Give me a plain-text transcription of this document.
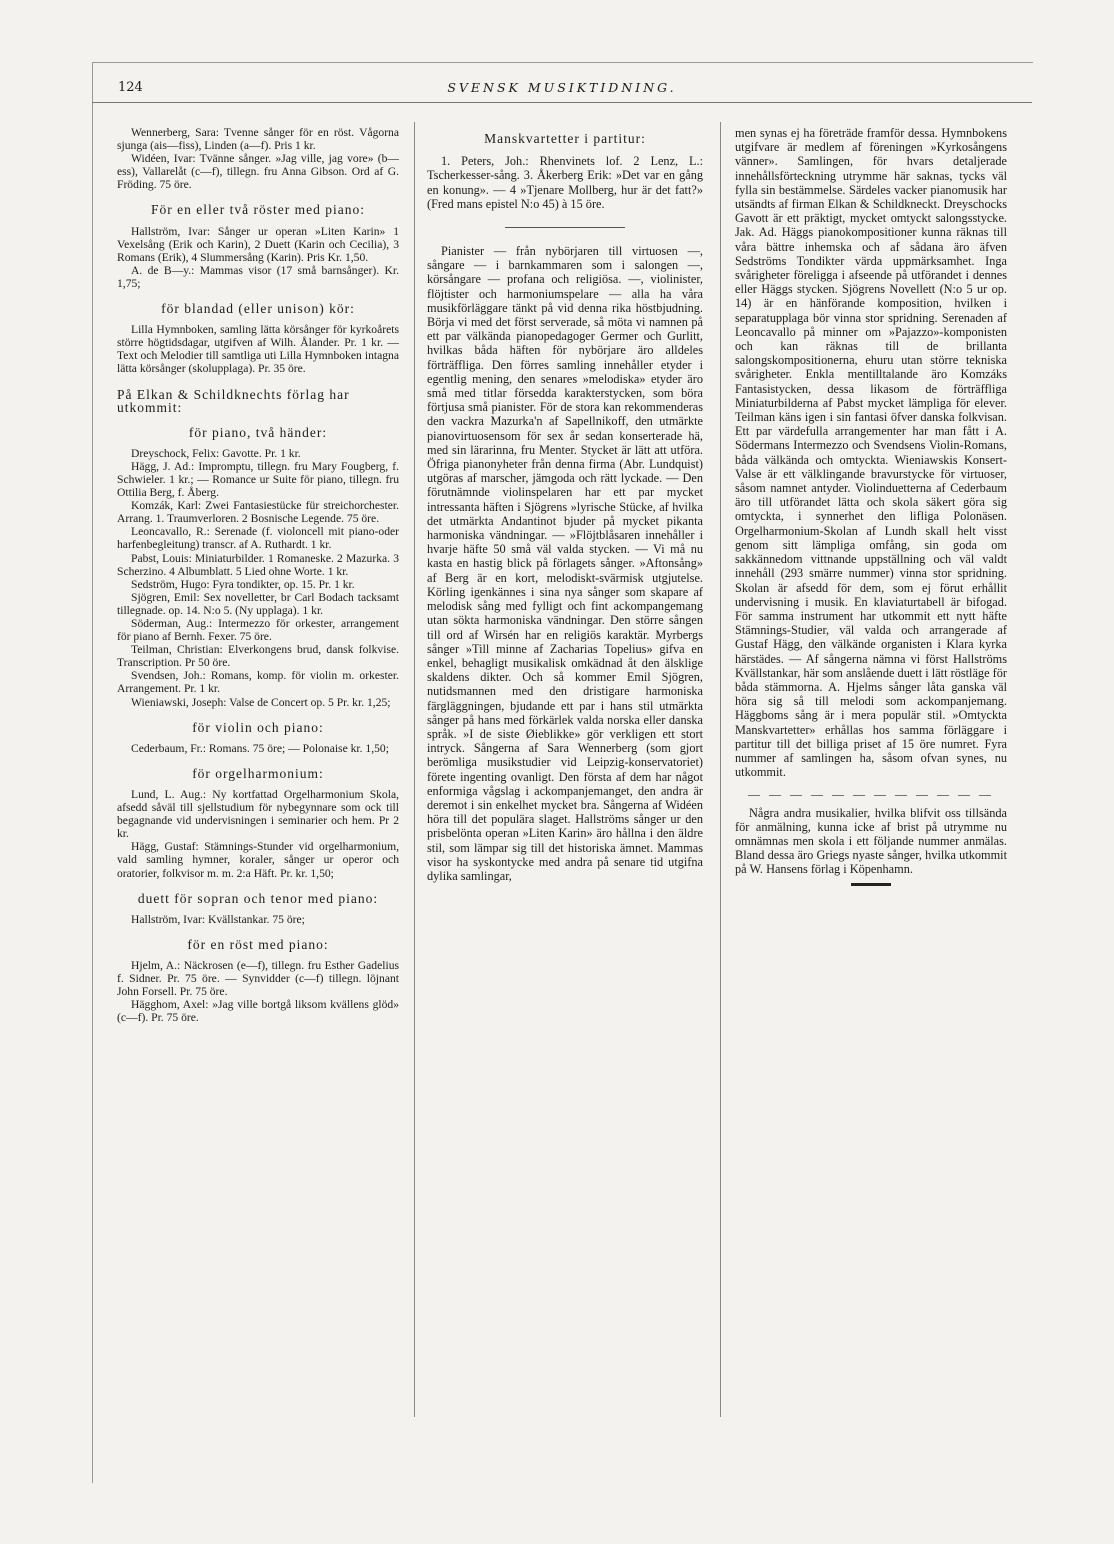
124	SVENSK MUSIKTIDNING.

Wennerberg, Sara: Tvenne sånger för en röst. Vågorna sjunga (ais—fiss), Linden (a—f). Pris 1 kr.

Widéen, Ivar: Tvänne sånger. »Jag ville, jag vore» (b—ess), Vallarelåt (c—f), tillegn. fru Anna Gibson. Ord af G. Fröding. 75 öre.

För en eller två röster med piano:

Hallström, Ivar: Sånger ur operan »Liten Karin» 1 Vexelsång (Erik och Karin), 2 Duett (Karin och Cecilia), 3 Romans (Erik), 4 Slummersång (Karin). Pris Kr. 1,50.

A. de B—y.: Mammas visor (17 små barnsånger). Kr. 1,75;

för blandad (eller unison) kör:

Lilla Hymnboken, samling lätta körsånger för kyrkoårets större högtidsdagar, utgifven af Wilh. Ålander. Pr. 1 kr. — Text och Melodier till samtliga uti Lilla Hymnboken intagna lätta körsånger (skolupplaga). Pr. 35 öre.

På Elkan & Schildknechts förlag har utkommit:
för piano, två händer:

Dreyschock, Felix: Gavotte. Pr. 1 kr.

Hägg, J. Ad.: Impromptu, tillegn. fru Mary Fougberg, f. Schwieler. 1 kr.; — Romance ur Suite för piano, tillegn. fru Ottilia Berg, f. Åberg.

Komzák, Karl: Zwei Fantasiestücke für streichorchester. Arrang. 1. Traumverloren. 2 Bosnische Legende. 75 öre.

Leoncavallo, R.: Serenade (f. violoncell mit piano-oder harfenbegleitung) transcr. af A. Ruthardt. 1 kr.

Pabst, Louis: Miniaturbilder. 1 Romaneske. 2 Mazurka. 3 Scherzino. 4 Albumblatt. 5 Lied ohne Worte. 1 kr.

Sedström, Hugo: Fyra tondikter, op. 15. Pr. 1 kr.

Sjögren, Emil: Sex novelletter, br Carl Bodach tacksamt tillegnade. op. 14. N:o 5. (Ny upplaga). 1 kr.

Söderman, Aug.: Intermezzo för orkester, arrangement för piano af Bernh. Fexer. 75 öre.

Teilman, Christian: Elverkongens brud, dansk folkvise. Transcription. Pr 50 öre.

Svendsen, Joh.: Romans, komp. för violin m. orkester. Arrangement. Pr. 1 kr.

Wieniawski, Joseph: Valse de Concert op. 5 Pr. kr. 1,25;

för violin och piano:

Cederbaum, Fr.: Romans. 75 öre; — Polonaise kr. 1,50;

för orgelharmonium:

Lund, L. Aug.: Ny kortfattad Orgelharmonium Skola, afsedd såväl till sjellstudium för nybegynnare som ock till begagnande vid undervisningen i seminarier och hem. Pr 2 kr.

Hägg, Gustaf: Stämnings-Stunder vid orgelharmonium, vald samling hymner, koraler, sånger ur operor och oratorier, folkvisor m. m. 2:a Häft. Pr. kr. 1,50;

duett för sopran och tenor med piano:

Hallström, Ivar: Kvällstankar. 75 öre;

för en röst med piano:

Hjelm, A.: Näckrosen (e—f), tillegn. fru Esther Gadelius f. Sidner. Pr. 75 öre. — Synvidder (c—f) tillegn. löjnant John Forsell. Pr. 75 öre.

Hägghom, Axel: »Jag ville bortgå liksom kvällens glöd» (c—f). Pr. 75 öre.

Manskvartetter i partitur:

1. Peters, Joh.: Rhenvinets lof. 2 Lenz, L.: Tscherkesser-sång. 3. Åkerberg Erik: »Det var en gång en konung». — 4 »Tjenare Mollberg, hur är det fatt?» (Fred mans epistel N:o 45) à 15 öre.

Pianister — från nybörjaren till virtuosen —, sångare — i barnkammaren som i salongen —, körsångare — profana och religiösa. —, violinister, flöjtister och harmoniumspelare — alla ha våra musikförläggare tänkt på vid denna rika höstbjudning. Börja vi med det först serverade, så möta vi namnen på ett par välkända pianopedagoger Germer och Gurlitt, hvilkas båda häften för nybörjare äro alldeles förträffliga. Den förres samling innehåller etyder i egentlig mening, den senares »melodiska» etyder äro små med titlar försedda karakterstycken, som böra förtjusa små pianister. För de stora kan rekommenderas den vackra Mazurka'n af Sapellnikoff, den utmärkte pianovirtuosensom för sex år sedan konserterade hä, med sin lärarinna, fru Menter. Stycket är lätt att utföra. Öfriga pianonyheter från denna firma (Abr. Lundquist) utgöras af marscher, jämgoda och rätt lyckade. — Den förutnämnde violinspelaren har ett par mycket intressanta häften i Sjögrens »lyrische Stücke, af hvilka det utmärkta Andantinot bjuder på mycket pikanta harmoniska vändningar. — »Flöjtblåsaren innehåller i hvarje häfte 50 små väl valda stycken. — Vi må nu kasta en hastig blick på förlagets sånger. »Aftonsång» af Berg är en kort, melodiskt-svärmisk utgjutelse. Körling igenkännes i sina nya sånger som skapare af melodisk sång med fylligt och fint ackompangemang utan sökta harmoniska vändningar. Den större sången till ord af Wirsén har en religiös karaktär. Myrbergs sånger »Till minne af Zacharias Topelius» gifva en enkel, behagligt musikalisk omkädnad åt den älsklige skaldens dikter. Och så kommer Emil Sjögren, nutidsmannen med den dristigare harmoniska färgläggningen, bjudande ett par i hans stil utmärkta sånger på hans med förkärlek valda norska eller danska språk. »I de siste Øieblikke» gör verkligen ett stort intryck. Sångerna af Sara Wennerberg (som gjort berömliga musikstudier vid Leipzig-konservatoriet) förete ingenting ovanligt. Den första af dem har något enformiga vågslag i ackompanjemanget, den andra är deremot i sin enkelhet mycket bra. Sångerna af Widéen höra till det populära slaget. Hallströms sånger ur den prisbelönta operan »Liten Karin» äro hållna i den äldre stil, som lämpar sig till det historiska ämnet. Mammas visor ha syskontycke med andra på senare tid utgifna dylika samlingar,

men synas ej ha företräde framför dessa. Hymnbokens utgifvare är medlem af föreningen »Kyrkosångens vänner». Samlingen, för hvars detaljerade innehållsförteckning utrymme här saknas, tycks väl fylla sin bestämmelse. Särdeles vacker pianomusik har utsändts af firman Elkan & Schildkneckt. Dreyschocks Gavott är ett präktigt, mycket omtyckt salongsstycke. Jak. Ad. Häggs pianokompositioner kunna räknas till våra bättre inhemska och af sådana äro äfven Sedströms Tondikter värda uppmärksamhet. Inga svårigheter föreligga i afseende på utförandet i dennes eller Häggs stycken. Sjögrens Novellett (N:o 5 ur op. 14) är en hänförande komposition, hvilken i separatupplaga bör vinna stor spridning. Serenaden af Leoncavallo på minner om »Pajazzo»-komponisten och kan räknas till de brillanta salongskompositionerna, ehuru utan större tekniska svårigheter. Enkla mentilltalande äro Komzáks Fantasistycken, dessa likasom de förträffliga Miniaturbilderna af Pabst mycket lämpliga för elever. Teilman käns igen i sin fantasi öfver danska folkvisan. Ett par värdefulla arrangementer har man fått i A. Södermans Intermezzo och Svendsens Violin-Romans, båda välkända och omtyckta. Wieniawskis Konsert-Valse är ett välklingande bravurstycke för virtuoser, såsom namnet antyder. Violinduetterna af Cederbaum äro till utförandet lätta och skola säkert göra sig omtyckta, i synnerhet den lifliga Polonäsen. Orgelharmonium-Skolan af Lundh skall helt visst genom sitt lämpliga omfång, sin goda om sakkännedom vittnande uppställning och väl valdt innehåll (293 smärre nummer) vinna stor spridning. Skolan är afsedd för dem, som ej förut erhållit undervisning i musik. En klaviaturtabell är bifogad. För samma instrument har utkommit ett nytt häfte Stämnings-Studier, väl valda och arrangerade af Gustaf Hägg, den välkände organisten i Klara kyrka härstädes. — Af sångerna nämna vi först Hallströms Kvällstankar, här som anslående duett i lätt röstläge för båda stämmorna. A. Hjelms sånger låta ganska väl höra sig så till melodi som ackompanjemang. Häggboms sång är i mera populär stil. »Omtyckta Manskvartetter» erhållas hos samma förläggare i partitur till det billiga priset af 15 öre numret. Fyra nummer af samlingen ha, såsom ofvan synes, nu utkommit.

— — — — — — — — — — — —

Några andra musikalier, hvilka blifvit oss tillsända för anmälning, kunna icke af brist på utrymme nu omnämnas men skola i ett följande nummer anmälas. Bland dessa äro Griegs nyaste sånger, hvilka utkommit på W. Hansens förlag i Köpenhamn.
